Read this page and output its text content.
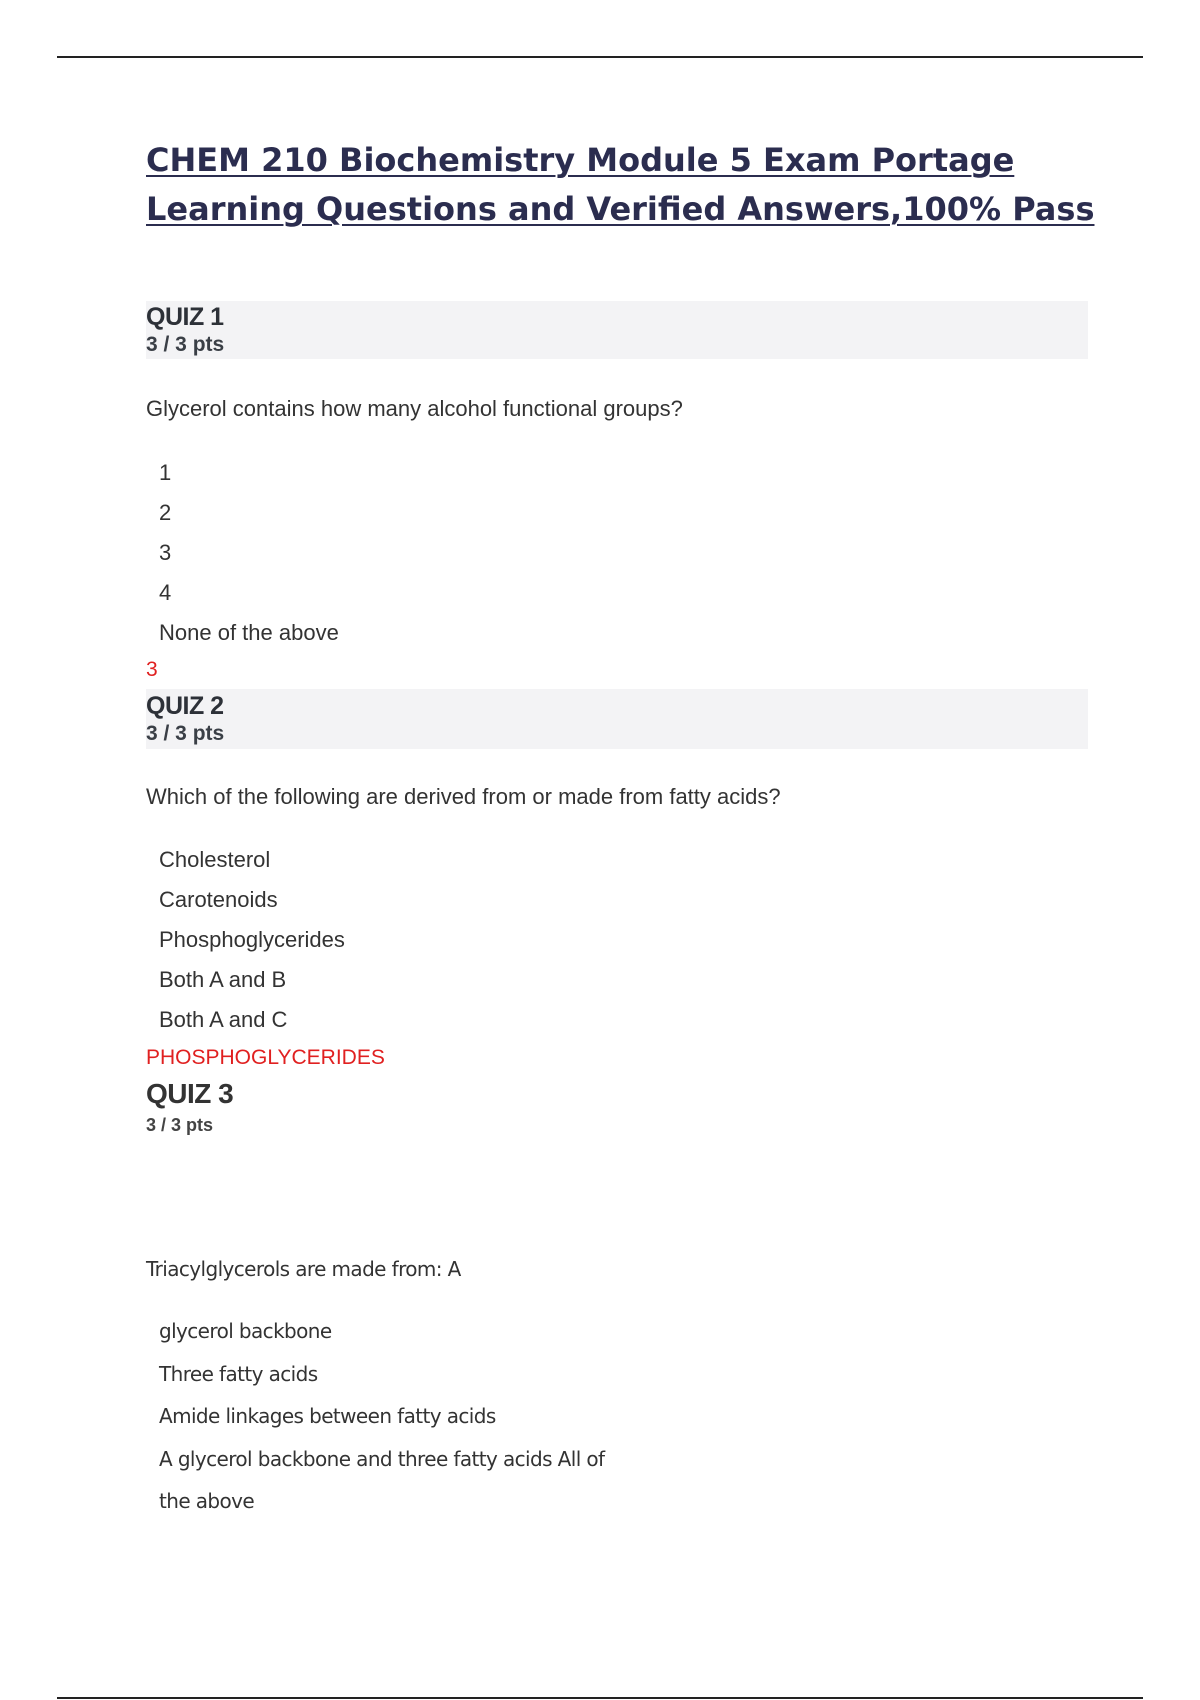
CHEM 210 Biochemistry Module 5 Exam Portage
Learning Questions and Verified Answers,100% Pass
QUIZ 1
3 / 3 pts
Glycerol contains how many alcohol functional groups?
1
2
3
4
None of the above
3
QUIZ 2
3 / 3 pts
Which of the following are derived from or made from fatty acids?
Cholesterol
Carotenoids
Phosphoglycerides
Both A and B
Both A and C
PHOSPHOGLYCERIDES
QUIZ 3
3 / 3 pts
Triacylglycerols are made from: A
glycerol backbone
Three fatty acids
Amide linkages between fatty acids
A glycerol backbone and three fatty acids All of
the above
